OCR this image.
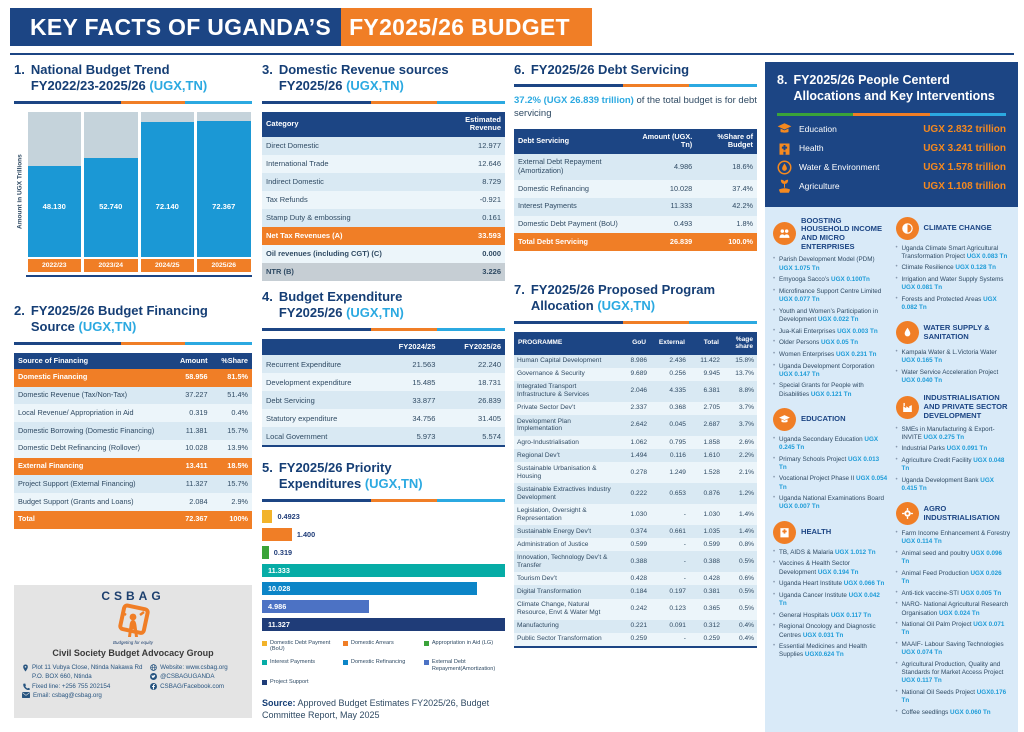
KEY FACTS OF UGANDA’S FY2025/26 BUDGET
1. National Budget Trend
FY2022/23-2025/26 (UGX,TN)
Amount in UGX Trillions	48.130
2022/23
52.740
2023/24
72.140
2024/25
72.367
2025/26
2. FY2025/26 Budget Financing
Source (UGX,TN)
Source of Financing	Amount	%Share
Domestic Financing	58.956	81.5%
Domestic Revenue (Tax/Non-Tax)	37.227	51.4%
Local Revenue/ Appropriation in Aid	0.319	0.4%
Domestic Borrowing (Domestic Financing)	11.381	15.7%
Domestic Debt Refinancing (Rollover)	10.028	13.9%
External Financing	13.411	18.5%
Project Support (External Financing)	11.327	15.7%
Budget Support (Grants and Loans)	2.084	2.9%
Total	72.367	100%
CSBAG
Budgeting for equity
Civil Society Budget Advocacy Group
Plot 11 Vubya Close, Ntinda Nakawa Rd
P.O. BOX 660, Ntinda
Fixed line: +256 755 202154
Email: csbag@csbag.org
Website: www.csbag.org
@CSBAGUGANDA
CSBAG/Facebook.com
3. Domestic Revenue sources
FY2025/26 (UGX,TN)
Category	Estimated Revenue
Direct Domestic	12.977
International Trade	12.646
Indirect Domestic	8.729
Tax Refunds	-0.921
Stamp Duty & embossing	0.161
Net Tax Revenues (A)	33.593
Oil revenues (including CGT) (C)	0.000
NTR (B)	3.226
4. Budget Expenditure
FY2025/26 (UGX,TN)
	FY2024/25	FY2025/26
Recurrent Expenditure	21.563	22.240
Development expenditure	15.485	18.731
Debt Servicing	33.877	26.839
Statutory expenditure	34.756	31.405
Local Government	5.973	5.574
5. FY2025/26 Priority
Expenditures (UGX,TN)
0.4923
1.400
0.319
11.333
10.028
4.986
11.327
Domestic Debt Payment (BoU)
Domestic Arrears	Appropriation in Aid (LG)
Interest Payments	Domestic Refinancing	External Debt Repayment(Amortization)
Project Support
Source: Approved Budget Estimates FY2025/26, Budget Committee Report, May 2025
6. FY2025/26 Debt Servicing
37.2% (UGX 26.839 trillion) of the total budget is for debt servicing
Debt Servicing	Amount (UGX. Tn)	%Share of Budget
External Debt Repayment (Amortization)	4.986	18.6%
Domestic Refinancing	10.028	37.4%
Interest Payments	11.333	42.2%
Domestic Debt Payment (BoU)	0.493	1.8%
Total Debt Servicing	26.839	100.0%
7. FY2025/26 Proposed Program
Allocation (UGX,TN)
PROGRAMME	GoU	External	Total	%age share
Human Capital Development	8.986	2.436	11.422	15.8%
Governance & Security	9.689	0.256	9.945	13.7%
Integrated Transport Infrastructure & Services	2.046	4.335	6.381	8.8%
Private Sector Dev’t	2.337	0.368	2.705	3.7%
Development Plan Implementation	2.642	0.045	2.687	3.7%
Agro-Industrialisation	1.062	0.795	1.858	2.6%
Regional Dev’t	1.494	0.116	1.610	2.2%
Sustainable Urbanisation & Housing	0.278	1.249	1.528	2.1%
Sustainable Extractives Industry Development	0.222	0.653	0.876	1.2%
Legislation, Oversight & Representation	1.030	-	1.030	1.4%
Sustainable Energy Dev’t	0.374	0.661	1.035	1.4%
Administration of Justice	0.599	-	0.599	0.8%
Innovation, Technology Dev’t & Transfer	0.388	-	0.388	0.5%
Tourism Dev’t	0.428	-	0.428	0.6%
Digital Transformation	0.184	0.197	0.381	0.5%
Climate Change, Natural Resource, Envt & Water Mgt	0.242	0.123	0.365	0.5%
Manufacturing	0.221	0.091	0.312	0.4%
Public Sector Transformation	0.259	-	0.259	0.4%
8. FY2025/26 People Centerd Allocations and Key Interventions
Education	UGX 2.832 trillion
Health	UGX 3.241 trillion
Water & Environment	UGX 1.578 trillion
Agriculture	UGX 1.108 trillion
BOOSTING HOUSEHOLD INCOME AND MICRO ENTERPRISES
• Parish Development Model (PDM) UGX 1.075 Tn
• Emyooga Sacco’s UGX 0.100Tn
• Microfinance Support Centre Limited UGX 0.077 Tn
• Youth and Women’s Participation in Development UGX 0.022 Tn
• Jua-Kali Enterprises UGX 0.003 Tn
• Older Persons UGX 0.05 Tn
• Women Enterprises UGX 0.231 Tn
• Uganda Development Corporation UGX 0.147 Tn
• Special Grants for People with Disabilities UGX 0.121 Tn
EDUCATION
• Uganda Secondary Education UGX 0.245 Tn
• Primary Schools Project UGX 0.013 Tn
• Vocational Project Phase II UGX 0.054 Tn
• Uganda National Examinations Board UGX 0.007 Tn
HEALTH
• TB, AIDS & Malaria UGX 1.012 Tn
• Vaccines & Health Sector Development UGX 0.194 Tn
• Uganda Heart Institute UGX 0.066 Tn
• Uganda Cancer Institute UGX 0.042 Tn
• General Hospitals UGX 0.117 Tn
• Regional Oncology and Diagnostic Centres UGX 0.031 Tn
• Essential Medicines and Health Supplies UGX0.624 Tn
CLIMATE CHANGE
• Uganda Climate Smart Agricultural Transformation Project UGX 0.083 Tn
• Climate Resilience UGX 0.128 Tn
• Irrigation and Water Supply Systems UGX 0.081 Tn
• Forests and Protected Areas UGX 0.082 Tn
WATER SUPPLY & SANITATION
• Kampala Water & L.Victoria Water UGX 0.165 Tn
• Water Service Acceleration Project UGX 0.040 Tn
INDUSTRIALISATION AND PRIVATE SECTOR DEVELOPMENT
• SMEs in Manufacturing & Export-INVITE UGX 0.275 Tn
• Industrial Parks UGX 0.091 Tn
• Agriculture Credit Facility UGX 0.048 Tn
• Uganda Development Bank UGX 0.415 Tn
AGRO INDUSTRIALISATION
• Farm Income Enhancement & Forestry UGX 0.114 Tn
• Animal seed and poultry UGX 0.096 Tn
• Animal Feed Production UGX 0.026 Tn
• Anti-tick vaccine-STI UGX 0.005 Tn
• NARO- National Agricultural Research Organisation UGX 0.024 Tn
• National Oil Palm Project UGX 0.071 Tn
• MAAIF- Labour Saving Technologies UGX 0.074 Tn
• Agricultural Production, Quality and Standards for Market Access Project UGX 0.117 Tn
• National Oil Seeds Project UGX0.176 Tn
• Coffee seedlings UGX 0.060 Tn
